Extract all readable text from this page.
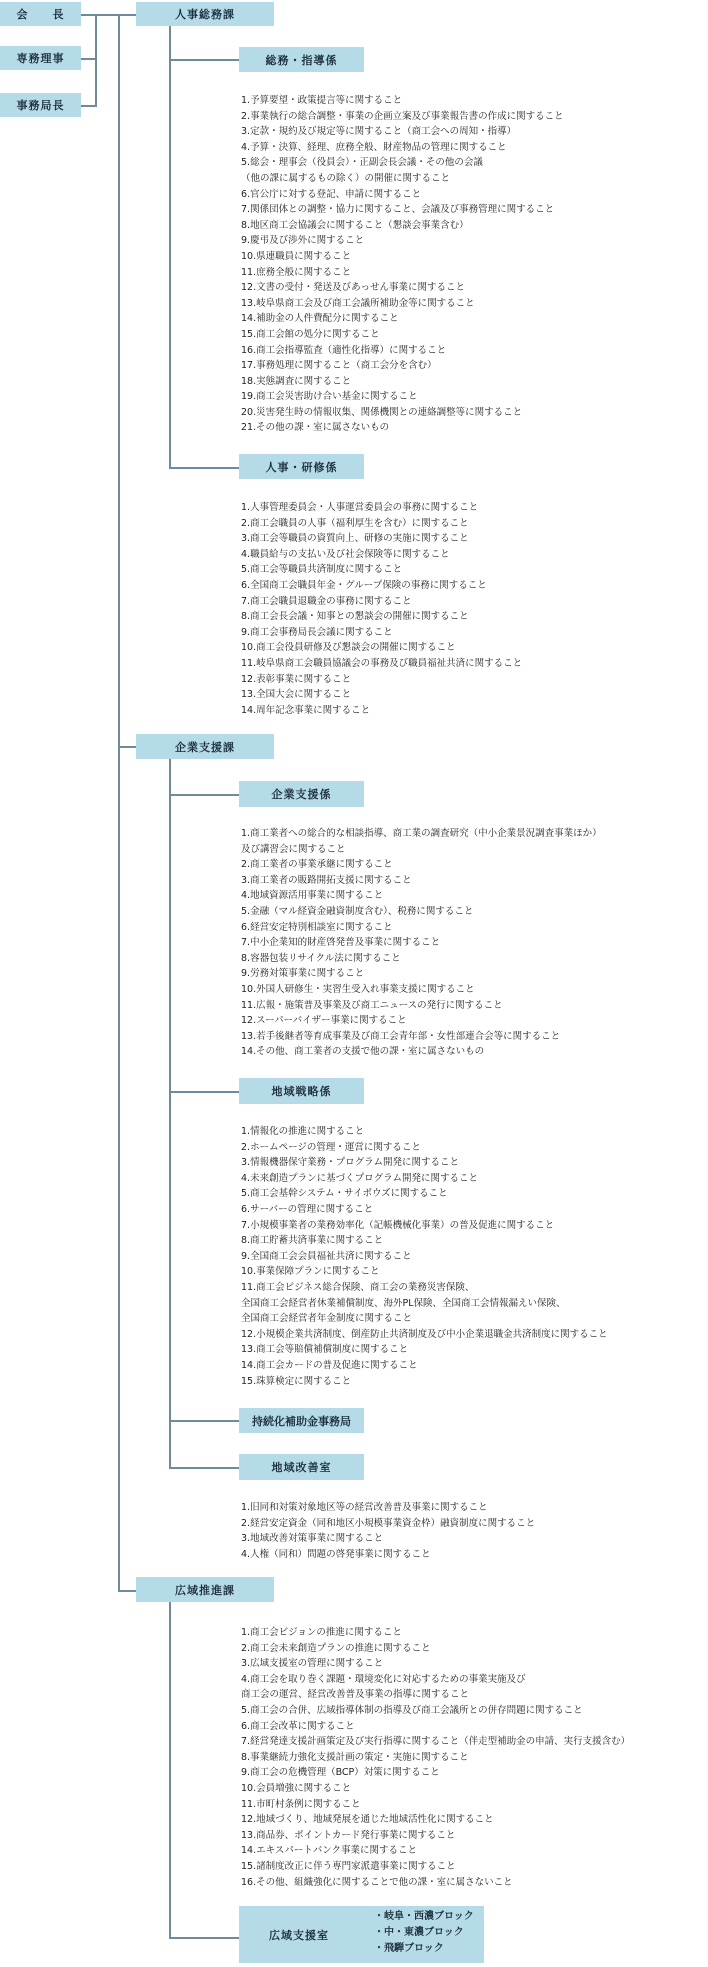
会　　長
専務理事
事務局長
人事総務課
総務・指導係
1.予算要望・政策提言等に関すること
2.事業執行の総合調整・事業の企画立案及び事業報告書の作成に関すること
3.定款・規約及び規定等に関すること（商工会への周知・指導）
4.予算・決算、経理、庶務全般、財産物品の管理に関すること
5.総会・理事会（役員会）・正副会長会議・その他の会議
（他の課に属するもの除く）の開催に関すること
6.官公庁に対する登記、申請に関すること
7.関係団体との調整・協力に関すること、会議及び事務管理に関すること
8.地区商工会協議会に関すること（懇談会事業含む）
9.慶弔及び渉外に関すること
10.県連職員に関すること
11.庶務全般に関すること
12.文書の受付・発送及びあっせん事業に関すること
13.岐阜県商工会及び商工会議所補助金等に関すること
14.補助金の人件費配分に関すること
15.商工会館の処分に関すること
16.商工会指導監査（適性化指導）に関すること
17.事務処理に関すること（商工会分を含む）
18.実態調査に関すること
19.商工会災害助け合い基金に関すること
20.災害発生時の情報収集、関係機関との連絡調整等に関すること
21.その他の課・室に属さないもの
人事・研修係
1.人事管理委員会・人事運営委員会の事務に関すること
2.商工会職員の人事（福利厚生を含む）に関すること
3.商工会等職員の資質向上、研修の実施に関すること
4.職員給与の支払い及び社会保険等に関すること
5.商工会等職員共済制度に関すること
6.全国商工会職員年金・グループ保険の事務に関すること
7.商工会職員退職金の事務に関すること
8.商工会長会議・知事との懇談会の開催に関すること
9.商工会事務局長会議に関すること
10.商工会役員研修及び懇談会の開催に関すること
11.岐阜県商工会職員協議会の事務及び職員福祉共済に関すること
12.表彰事業に関すること
13.全国大会に関すること
14.周年記念事業に関すること
企業支援課
企業支援係
1.商工業者への総合的な相談指導、商工業の調査研究（中小企業景況調査事業ほか）
及び講習会に関すること
2.商工業者の事業承継に関すること
3.商工業者の販路開拓支援に関すること
4.地域資源活用事業に関すること
5.金融（マル経資金融資制度含む）、税務に関すること
6.経営安定特別相談室に関すること
7.中小企業知的財産啓発普及事業に関すること
8.容器包装リサイクル法に関すること
9.労務対策事業に関すること
10.外国人研修生・実習生受入れ事業支援に関すること
11.広報・施策普及事業及び商工ニュースの発行に関すること
12.スーパーバイザー事業に関すること
13.若手後継者等育成事業及び商工会青年部・女性部連合会等に関すること
14.その他、商工業者の支援で他の課・室に属さないもの
地域戦略係
1.情報化の推進に関すること
2.ホームページの管理・運営に関すること
3.情報機器保守業務・プログラム開発に関すること
4.未来創造プランに基づくプログラム開発に関すること
5.商工会基幹システム・サイボウズに関すること
6.サーバーの管理に関すること
7.小規模事業者の業務効率化（記帳機械化事業）の普及促進に関すること
8.商工貯蓄共済事業に関すること
9.全国商工会会員福祉共済に関すること
10.事業保障プランに関すること
11.商工会ビジネス総合保険、商工会の業務災害保険、
全国商工会経営者休業補償制度、海外PL保険、全国商工会情報漏えい保険、
全国商工会経営者年金制度に関すること
12.小規模企業共済制度、倒産防止共済制度及び中小企業退職金共済制度に関すること
13.商工会等賠償補償制度に関すること
14.商工会カードの普及促進に関すること
15.珠算検定に関すること
持続化補助金事務局
地域改善室
1.旧同和対策対象地区等の経営改善普及事業に関すること
2.経営安定資金（同和地区小規模事業資金枠）融資制度に関すること
3.地域改善対策事業に関すること
4.人権（同和）問題の啓発事業に関すること
広域推進課
1.商工会ビジョンの推進に関すること
2.商工会未来創造プランの推進に関すること
3.広域支援室の管理に関すること
4.商工会を取り巻く課題・環境変化に対応するための事業実施及び
商工会の運営、経営改善普及事業の指導に関すること
5.商工会の合併、広域指導体制の指導及び商工会議所との併存問題に関すること
6.商工会改革に関すること
7.経営発達支援計画策定及び実行指導に関すること（伴走型補助金の申請、実行支援含む）
8.事業継続力強化支援計画の策定・実施に関すること
9.商工会の危機管理（BCP）対策に関すること
10.会員増強に関すること
11.市町村条例に関すること
12.地域づくり、地域発展を通じた地域活性化に関すること
13.商品券、ポイントカード発行事業に関すること
14.エキスパートバンク事業に関すること
15.諸制度改正に伴う専門家派遣事業に関すること
16.その他、組織強化に関することで他の課・室に属さないこと
広域支援室
・岐阜・西濃ブロック
・中・東濃ブロック
・飛騨ブロック
